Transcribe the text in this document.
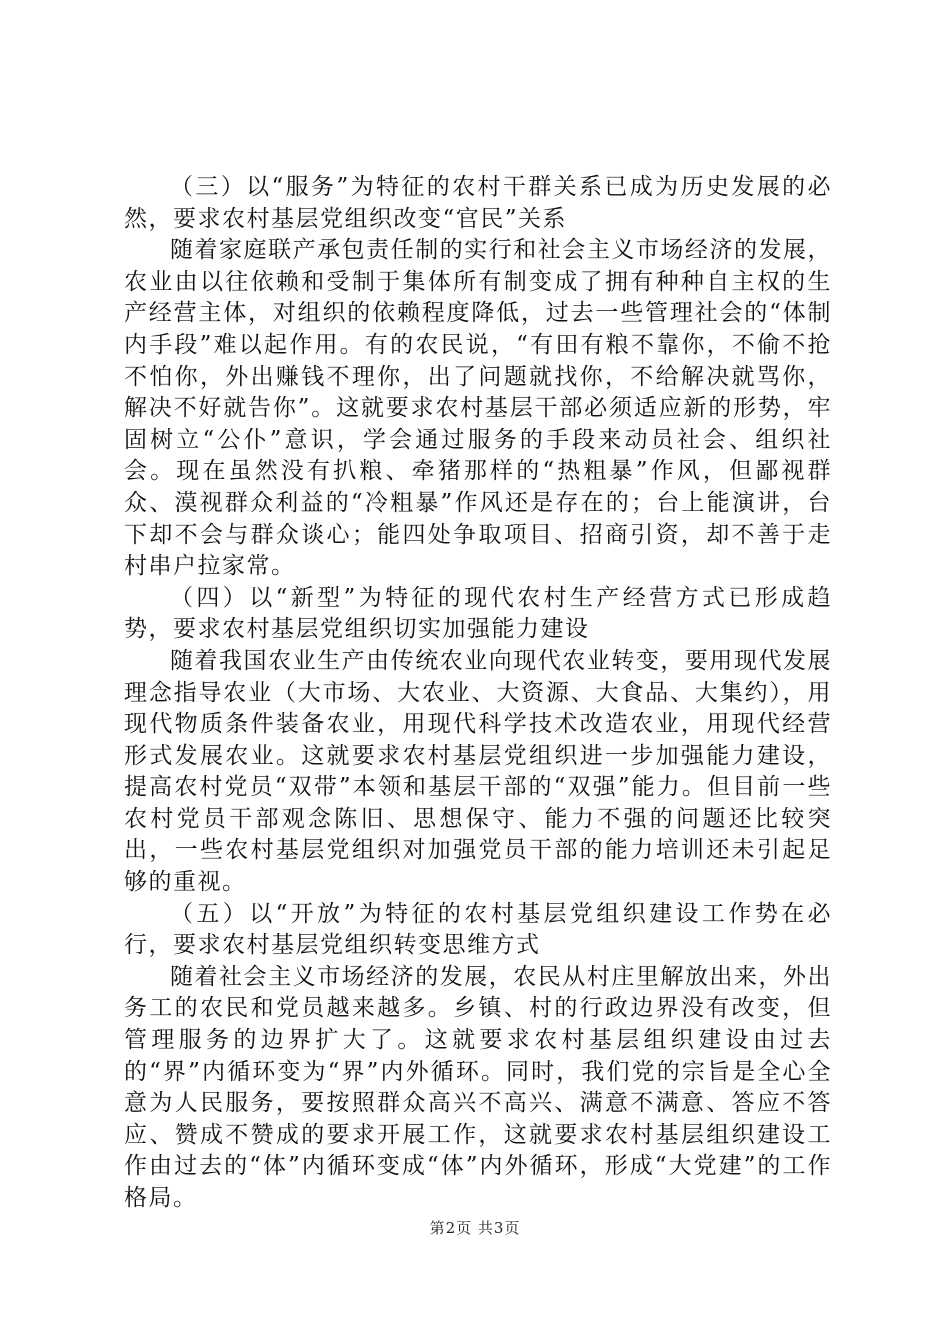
（三）以“服务”为特征的农村干群关系已成为历史发展的必然，要求农村基层党组织改变“官民”关系

随着家庭联产承包责任制的实行和社会主义市场经济的发展，农业由以往依赖和受制于集体所有制变成了拥有种种自主权的生产经营主体，对组织的依赖程度降低，过去一些管理社会的“体制内手段”难以起作用。有的农民说，“有田有粮不靠你，不偷不抢不怕你，外出赚钱不理你，出了问题就找你，不给解决就骂你，解决不好就告你”。这就要求农村基层干部必须适应新的形势，牢固树立“公仆”意识，学会通过服务的手段来动员社会、组织社会。现在虽然没有扒粮、牵猪那样的“热粗暴”作风，但鄙视群众、漠视群众利益的“冷粗暴”作风还是存在的；台上能演讲，台下却不会与群众谈心；能四处争取项目、招商引资，却不善于走村串户拉家常。

（四）以“新型”为特征的现代农村生产经营方式已形成趋势，要求农村基层党组织切实加强能力建设

随着我国农业生产由传统农业向现代农业转变，要用现代发展理念指导农业（大市场、大农业、大资源、大食品、大集约），用现代物质条件装备农业，用现代科学技术改造农业，用现代经营形式发展农业。这就要求农村基层党组织进一步加强能力建设，提高农村党员“双带”本领和基层干部的“双强”能力。但目前一些农村党员干部观念陈旧、思想保守、能力不强的问题还比较突出，一些农村基层党组织对加强党员干部的能力培训还未引起足够的重视。

（五）以“开放”为特征的农村基层党组织建设工作势在必行，要求农村基层党组织转变思维方式

随着社会主义市场经济的发展，农民从村庄里解放出来，外出务工的农民和党员越来越多。乡镇、村的行政边界没有改变，但管理服务的边界扩大了。这就要求农村基层组织建设由过去的“界”内循环变为“界”内外循环。同时，我们党的宗旨是全心全意为人民服务，要按照群众高兴不高兴、满意不满意、答应不答应、赞成不赞成的要求开展工作，这就要求农村基层组织建设工作由过去的“体”内循环变成“体”内外循环，形成“大党建”的工作格局。

第2页 共3页
